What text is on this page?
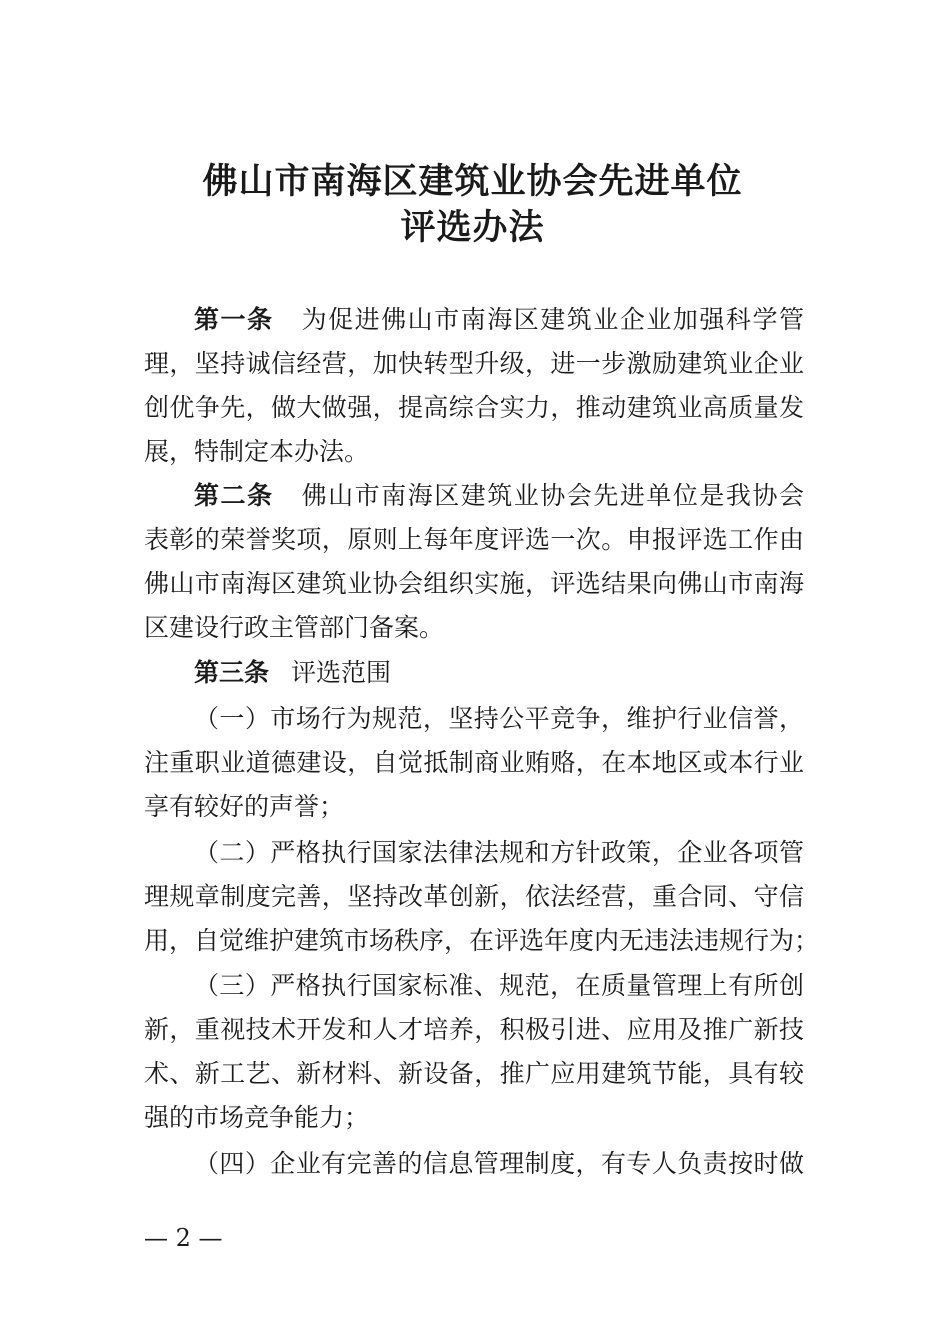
佛山市南海区建筑业协会先进单位
评选办法
第一条 为促进佛山市南海区建筑业企业加强科学管
理，坚持诚信经营，加快转型升级，进一步激励建筑业企业
创优争先，做大做强，提高综合实力，推动建筑业高质量发
展，特制定本办法。
第二条 佛山市南海区建筑业协会先进单位是我协会
表彰的荣誉奖项，原则上每年度评选一次。申报评选工作由
佛山市南海区建筑业协会组织实施，评选结果向佛山市南海
区建设行政主管部门备案。
第三条 评选范围
（一）市场行为规范，坚持公平竞争，维护行业信誉，
注重职业道德建设，自觉抵制商业贿赂，在本地区或本行业
享有较好的声誉；
（二）严格执行国家法律法规和方针政策，企业各项管
理规章制度完善，坚持改革创新，依法经营，重合同、守信
用，自觉维护建筑市场秩序，在评选年度内无违法违规行为；
（三）严格执行国家标准、规范，在质量管理上有所创
新，重视技术开发和人才培养，积极引进、应用及推广新技
术、新工艺、新材料、新设备，推广应用建筑节能，具有较
强的市场竞争能力；
（四）企业有完善的信息管理制度，有专人负责按时做
— 2 —
